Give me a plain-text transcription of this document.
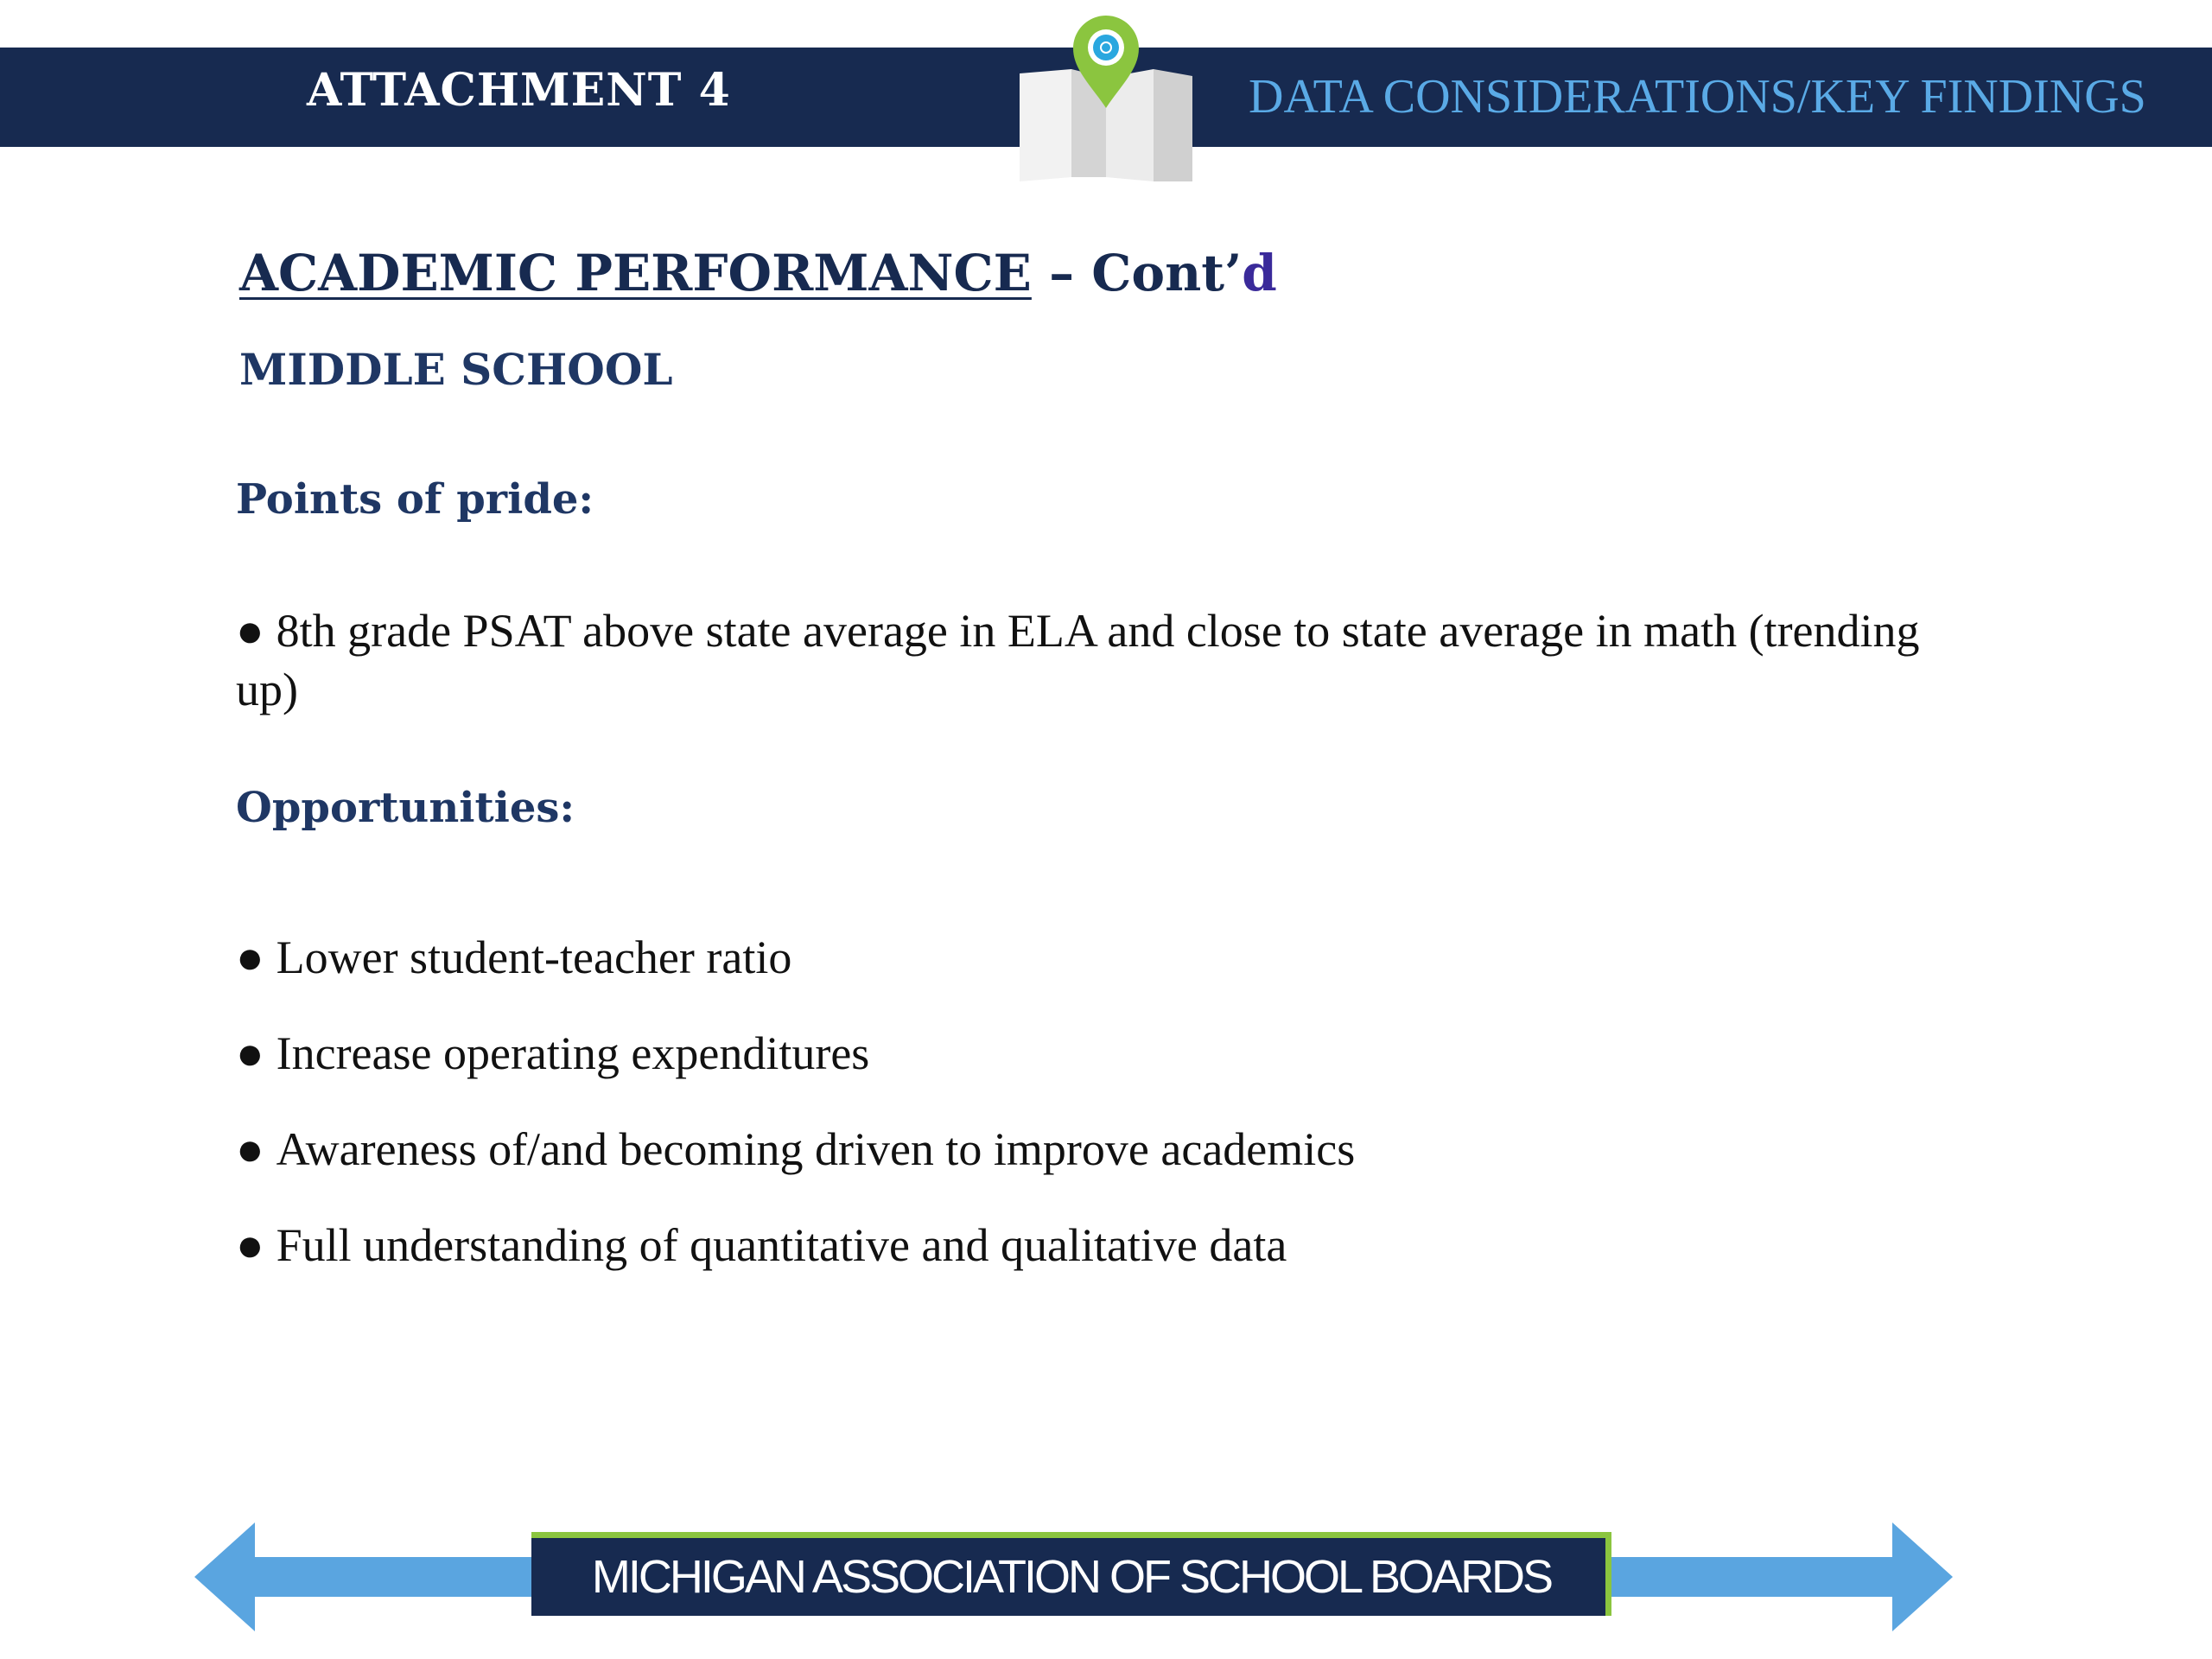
ATTACHMENT 4	DATA CONSIDERATIONS/KEY FINDINGS
ACADEMIC PERFORMANCE – Cont’d
MIDDLE SCHOOL
Points of pride:
● 8th grade PSAT above state average in ELA and close to state average in math (trending up)
Opportunities:
● Lower student-teacher ratio
● Increase operating expenditures
● Awareness of/and becoming driven to improve academics
● Full understanding of quantitative and qualitative data
MICHIGAN ASSOCIATION OF SCHOOL BOARDS
